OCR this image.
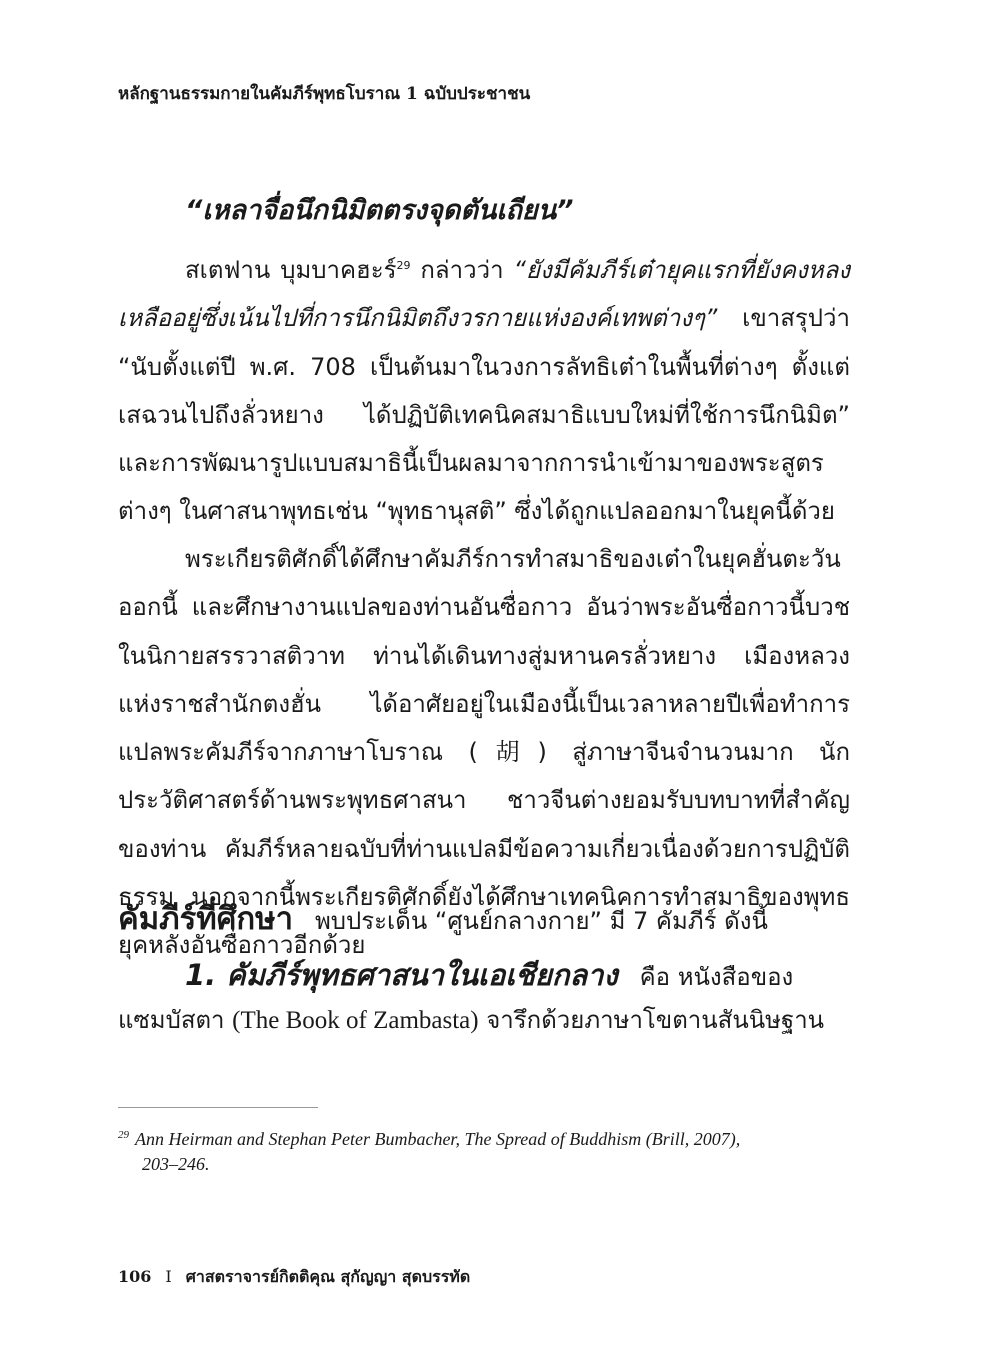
หลักฐานธรรมกายในคัมภีร์พุทธโบราณ 1 ฉบับประชาชน
“เหลาจื่อนึกนิมิตตรงจุดตันเถียน”

สเตฟาน บุมบาคฮะร์$^{29}$ กล่าวว่า “ยังมีคัมภีร์เต๋ายุคแรกที่ยังคงหลงเหลืออยู่ซึ่งเน้นไปที่การนึกนิมิตถึงวรกายแห่งองค์เทพต่างๆ” เขาสรุปว่า “นับตั้งแต่ปี พ.ศ. 708 เป็นต้นมาในวงการลัทธิเต๋าในพื้นที่ต่างๆ ตั้งแต่เสฉวนไปถึงลั่วหยาง ได้ปฏิบัติเทคนิคสมาธิแบบใหม่ที่ใช้การนึกนิมิต” และการพัฒนารูปแบบสมาธินี้เป็นผลมาจากการนำเข้ามาของพระสูตรต่างๆ ในศาสนาพุทธเช่น “พุทธานุสติ” ซึ่งได้ถูกแปลออกมาในยุคนี้ด้วย

พระเกียรติศักดิ์ได้ศึกษาคัมภีร์การทำสมาธิของเต๋าในยุคฮั่นตะวันออกนี้ และศึกษางานแปลของท่านอันซื่อกาว อันว่าพระอันซื่อกาวนี้บวชในนิกายสรรวาสติวาท ท่านได้เดินทางสู่มหานครลั่วหยาง เมืองหลวงแห่งราชสำนักตงฮั่น ได้อาศัยอยู่ในเมืองนี้เป็นเวลาหลายปีเพื่อทำการแปลพระคัมภีร์จากภาษาโบราณ (胡) สู่ภาษาจีนจำนวนมาก นักประวัติศาสตร์ด้านพระพุทธศาสนา ชาวจีนต่างยอมรับบทบาทที่สำคัญของท่าน คัมภีร์หลายฉบับที่ท่านแปลมีข้อความเกี่ยวเนื่องด้วยการปฏิบัติธรรม นอกจากนี้พระเกียรติศักดิ์ยังได้ศึกษาเทคนิคการทำสมาธิของพุทธยุคหลังอันซื่อกาวอีกด้วย

คัมภีร์ที่ศึกษา พบประเด็น “ศูนย์กลางกาย” มี 7 คัมภีร์ ดังนี้
1. คัมภีร์พุทธศาสนาในเอเชียกลาง คือ หนังสือของ
แซมบัสตา (The Book of Zambasta) จารึกด้วยภาษาโขตานสันนิษฐาน
$^{29}$ Ann Heirman and Stephan Peter Bumbacher, The Spread of Buddhism (Brill, 2007),
203–246.
106 I ศาสตราจารย์กิตติคุณ สุกัญญา สุดบรรทัด
